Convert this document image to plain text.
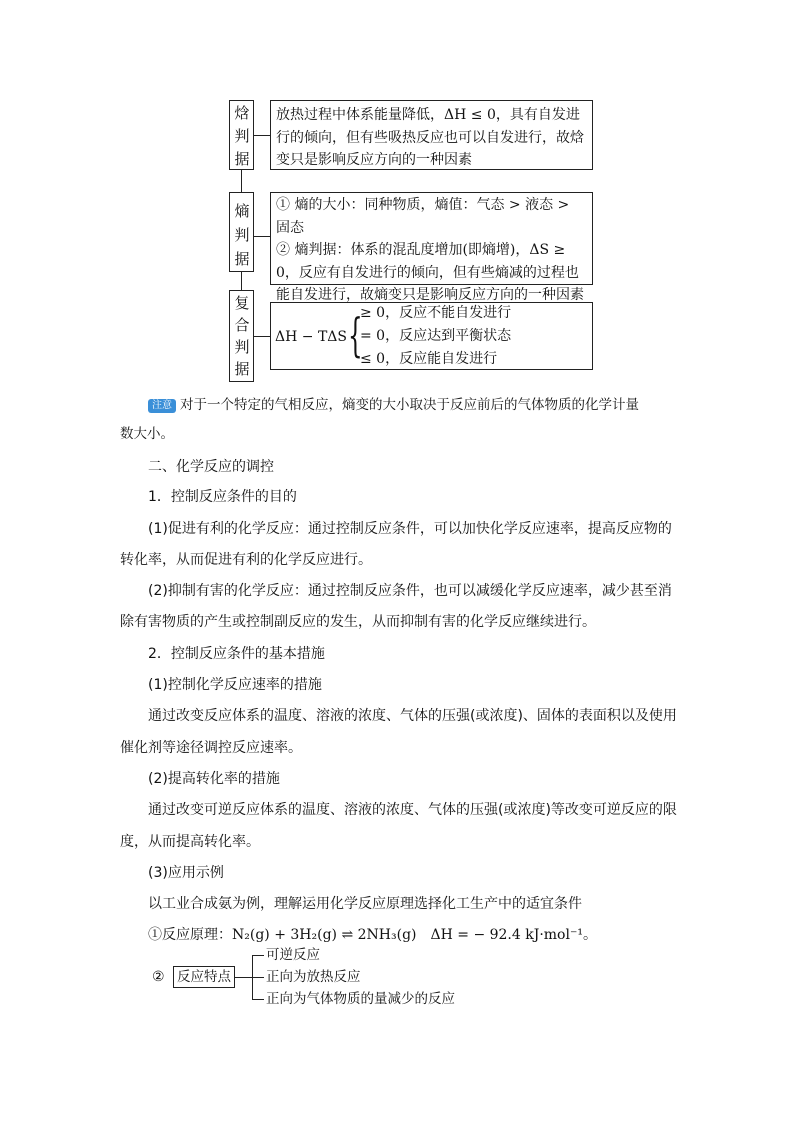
焓
判
据
放热过程中体系能量降低，ΔH ≤ 0，具有自发进行的倾向，但有些吸热反应也可以自发进行，故焓变只是影响反应方向的一种因素
熵
判
据
① 熵的大小：同种物质，熵值：气态 > 液态 > 固态
② 熵判据：体系的混乱度增加(即熵增)，ΔS ≥ 0，反应有自发进行的倾向，但有些熵减的过程也能自发进行，故熵变只是影响反应方向的一种因素
复
合
判
据
ΔH − TΔS {
≥ 0，反应不能自发进行
= 0，反应达到平衡状态
≤ 0，反应能自发进行
注意 对于一个特定的气相反应，熵变的大小取决于反应前后的气体物质的化学计量
数大小。
二、化学反应的调控
1．控制反应条件的目的
(1)促进有利的化学反应：通过控制反应条件，可以加快化学反应速率，提高反应物的
转化率，从而促进有利的化学反应进行。
(2)抑制有害的化学反应：通过控制反应条件，也可以减缓化学反应速率，减少甚至消
除有害物质的产生或控制副反应的发生，从而抑制有害的化学反应继续进行。
2．控制反应条件的基本措施
(1)控制化学反应速率的措施
通过改变反应体系的温度、溶液的浓度、气体的压强(或浓度)、固体的表面积以及使用
催化剂等途径调控反应速率。
(2)提高转化率的措施
通过改变可逆反应体系的温度、溶液的浓度、气体的压强(或浓度)等改变可逆反应的限
度，从而提高转化率。
(3)应用示例
以工业合成氨为例，理解运用化学反应原理选择化工生产中的适宜条件
①反应原理：N₂(g) + 3H₂(g) ⇌ 2NH₃(g)　ΔH = − 92.4 kJ·mol⁻¹。
② 反应特点
可逆反应
正向为放热反应
正向为气体物质的量减少的反应
